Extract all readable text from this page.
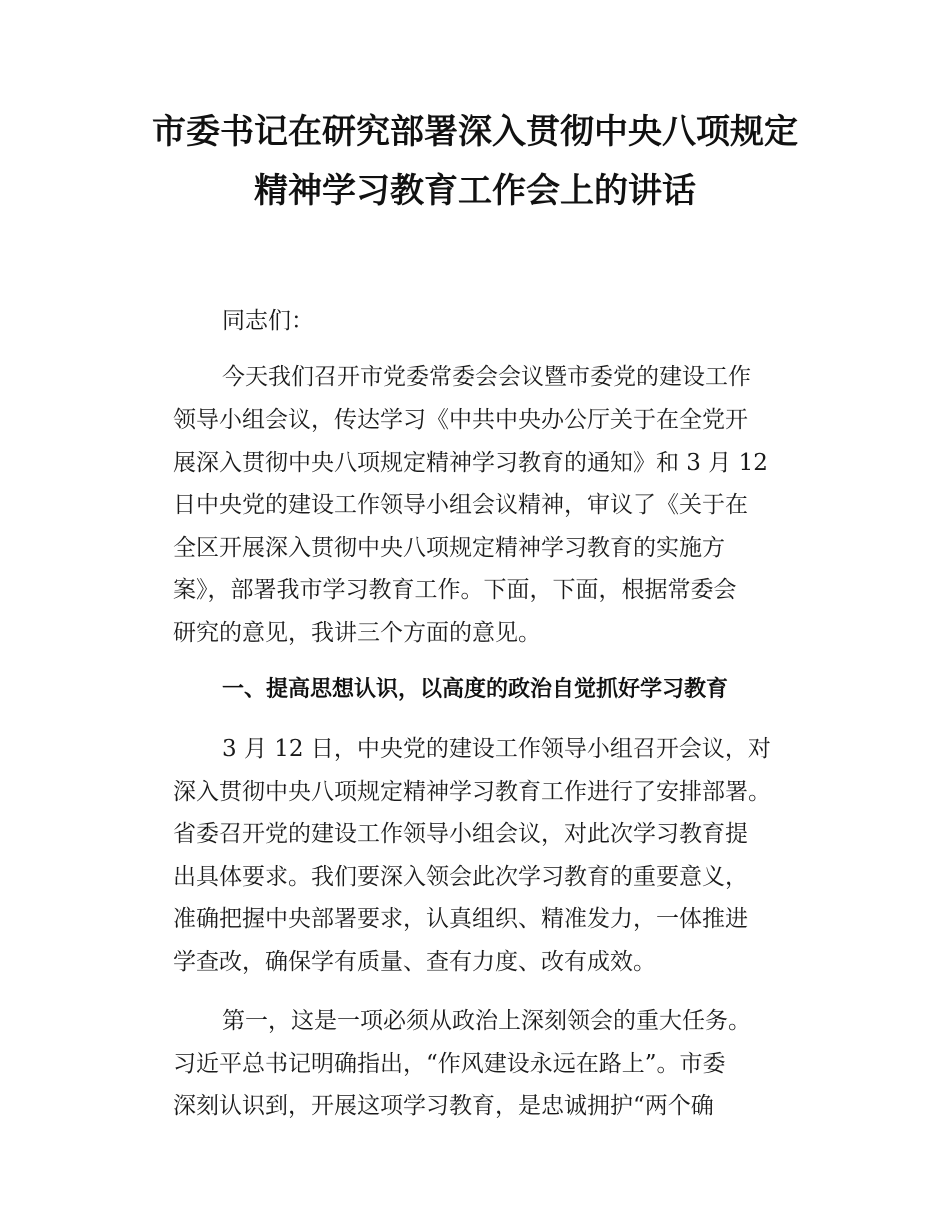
市委书记在研究部署深入贯彻中央八项规定
精神学习教育工作会上的讲话

同志们：

今天我们召开市党委常委会会议暨市委党的建设工作

领导小组会议，传达学习《中共中央办公厅关于在全党开

展深入贯彻中央八项规定精神学习教育的通知》和 3 月 12

日中央党的建设工作领导小组会议精神，审议了《关于在

全区开展深入贯彻中央八项规定精神学习教育的实施方

案》，部署我市学习教育工作。下面，下面，根据常委会

研究的意见，我讲三个方面的意见。

一、提高思想认识，以高度的政治自觉抓好学习教育

3 月 12 日，中央党的建设工作领导小组召开会议，对

深入贯彻中央八项规定精神学习教育工作进行了安排部署。

省委召开党的建设工作领导小组会议，对此次学习教育提

出具体要求。我们要深入领会此次学习教育的重要意义，

准确把握中央部署要求，认真组织、精准发力，一体推进

学查改，确保学有质量、查有力度、改有成效。

第一，这是一项必须从政治上深刻领会的重大任务。

习近平总书记明确指出，“作风建设永远在路上”。市委

深刻认识到，开展这项学习教育，是忠诚拥护“两个确
